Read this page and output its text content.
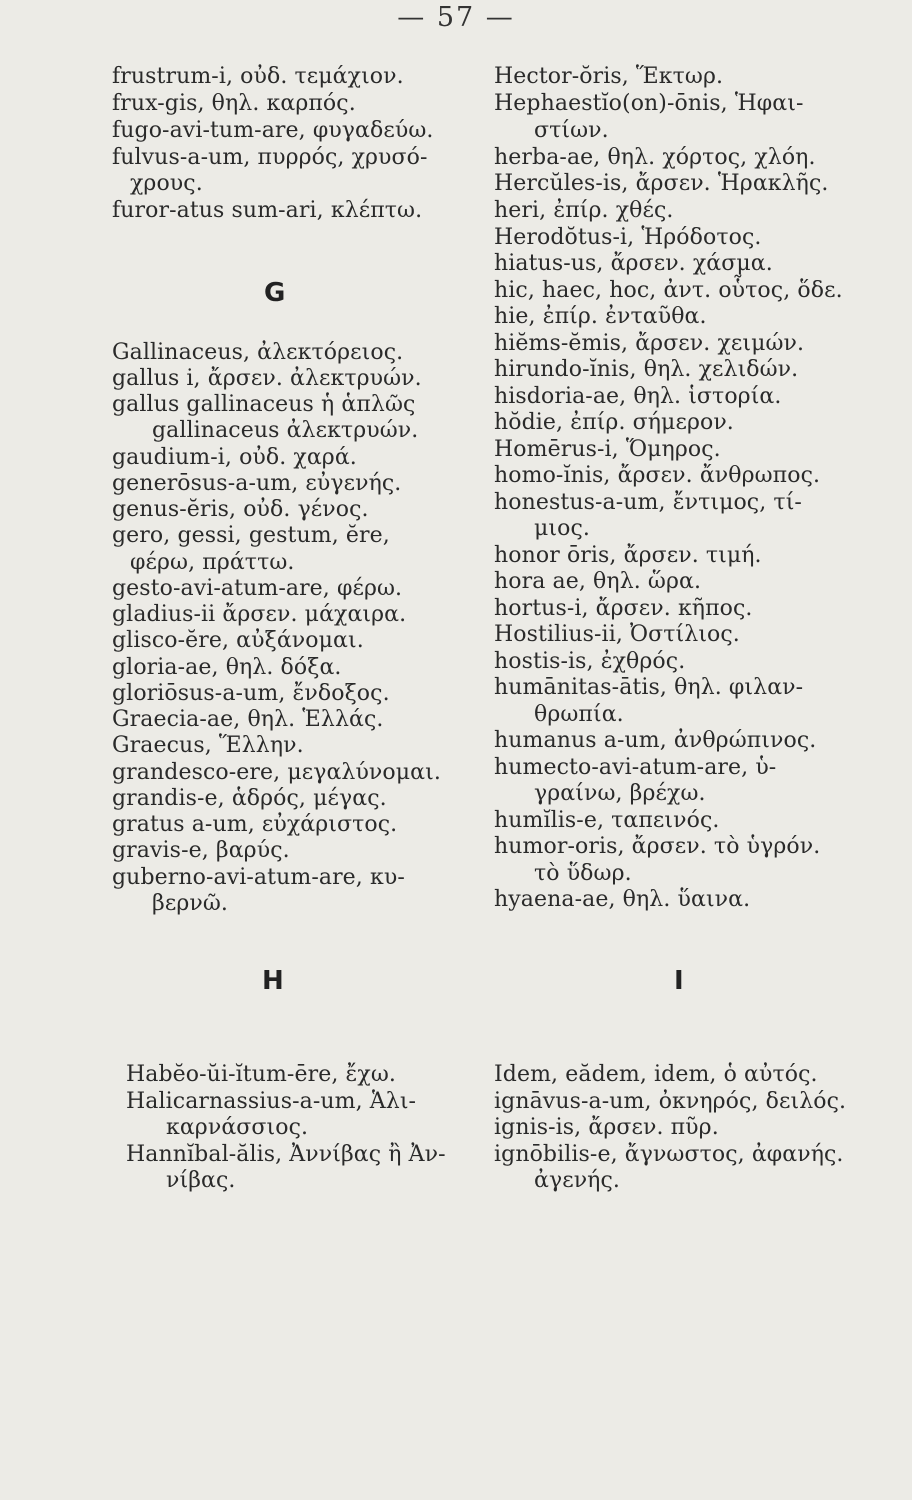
— 57 —
frustrum-i, οὐδ. τεμάχιον.
frux-gis, θηλ. καρπός.
fugo-avi-tum-are, φυγαδεύω.
fulvus-a-um, πυρρός, χρυσό-
χρους.
furor-atus sum-ari, κλέπτω.
G
Gallinaceus, ἀλεκτόρειος.
gallus i, ἄρσεν. ἀλεκτρυών.
gallus gallinaceus ἡ ἁπλῶς
gallinaceus ἀλεκτρυών.
gaudium-i, οὐδ. χαρά.
generōsus-a-um, εὐγενής.
genus-ĕris, οὐδ. γένος.
gero, gessi, gestum, ĕre,
φέρω, πράττω.
gesto-avi-atum-are, φέρω.
gladius-ii ἄρσεν. μάχαιρα.
glisco-ĕre, αὐξάνομαι.
gloria-ae, θηλ. δόξα.
gloriōsus-a-um, ἔνδοξος.
Graecia-ae, θηλ. Ἑλλάς.
Graecus, Ἕλλην.
grandesco-ere, μεγαλύνομαι.
grandis-e, ἁδρός, μέγας.
gratus a-um, εὐχάριστος.
gravis-e, βαρύς.
guberno-avi-atum-are, κυ-
βερνῶ.
H
Habĕo-ŭi-ĭtum-ēre, ἔχω.
Halicarnassius-a-um, Ἁλι-
καρνάσσιος.
Hannĭbal-ălis, Ἀννίβας ἢ Ἀν-
νίβας.
Hector-ŏris, Ἕκτωρ.
Hephaestĭo(on)-ōnis, Ἡφαι-
στίων.
herba-ae, θηλ. χόρτος, χλόη.
Hercŭles-is, ἄρσεν. Ἡρακλῆς.
heri, ἐπίρ. χθές.
Herodŏtus-i, Ἡρόδοτος.
hiatus-us, ἄρσεν. χάσμα.
hic, haec, hoc, ἀντ. οὗτος, ὅδε.
hie, ἐπίρ. ἐνταῦθα.
hiĕms-ĕmis, ἄρσεν. χειμών.
hirundo-ĭnis, θηλ. χελιδών.
hisdoria-ae, θηλ. ἱστορία.
hŏdie, ἐπίρ. σήμερον.
Homērus-i, Ὅμηρος.
homo-ĭnis, ἄρσεν. ἄνθρωπος.
honestus-a-um, ἔντιμος, τί-
μιος.
honor ōris, ἄρσεν. τιμή.
hora ae, θηλ. ὥρα.
hortus-i, ἄρσεν. κῆπος.
Hostilius-ii, Ὀστίλιος.
hostis-is, ἐχθρός.
humānitas-ātis, θηλ. φιλαν-
θρωπία.
humanus a-um, ἀνθρώπινος.
humecto-avi-atum-are, ὑ-
γραίνω, βρέχω.
humĭlis-e, ταπεινός.
humor-oris, ἄρσεν. τὸ ὑγρόν.
τὸ ὕδωρ.
hyaena-ae, θηλ. ὕαινα.
I
Idem, eădem, idem, ὁ αὐτός.
ignāvus-a-um, ὀκνηρός, δειλός.
ignis-is, ἄρσεν. πῦρ.
ignōbilis-e, ἄγνωστος, ἀφανής.
ἀγενής.
